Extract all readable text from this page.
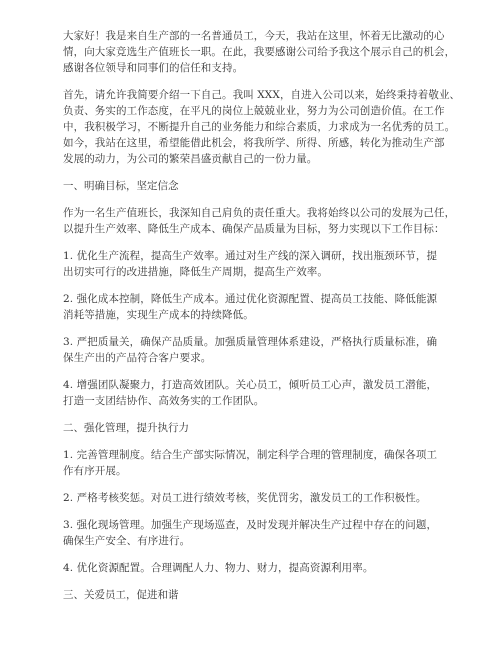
大家好！我是来自生产部的一名普通员工，今天，我站在这里，怀着无比激动的心
情，向大家竞选生产值班长一职。在此，我要感谢公司给予我这个展示自己的机会，
感谢各位领导和同事们的信任和支持。
首先，请允许我简要介绍一下自己。我叫 XXX，自进入公司以来，始终秉持着敬业、
负责、务实的工作态度，在平凡的岗位上兢兢业业，努力为公司创造价值。在工作
中，我积极学习，不断提升自己的业务能力和综合素质，力求成为一名优秀的员工。
如今，我站在这里，希望能借此机会，将我所学、所得、所感，转化为推动生产部
发展的动力，为公司的繁荣昌盛贡献自己的一份力量。
一、明确目标，坚定信念
作为一名生产值班长，我深知自己肩负的责任重大。我将始终以公司的发展为己任，
以提升生产效率、降低生产成本、确保产品质量为目标，努力实现以下工作目标：
1. 优化生产流程，提高生产效率。通过对生产线的深入调研，找出瓶颈环节，提
出切实可行的改进措施，降低生产周期，提高生产效率。
2. 强化成本控制，降低生产成本。通过优化资源配置、提高员工技能、降低能源
消耗等措施，实现生产成本的持续降低。
3. 严把质量关，确保产品质量。加强质量管理体系建设，严格执行质量标准，确
保生产出的产品符合客户要求。
4. 增强团队凝聚力，打造高效团队。关心员工，倾听员工心声，激发员工潜能，
打造一支团结协作、高效务实的工作团队。
二、强化管理，提升执行力
1. 完善管理制度。结合生产部实际情况，制定科学合理的管理制度，确保各项工
作有序开展。
2. 严格考核奖惩。对员工进行绩效考核，奖优罚劣，激发员工的工作积极性。
3. 强化现场管理。加强生产现场巡查，及时发现并解决生产过程中存在的问题，
确保生产安全、有序进行。
4. 优化资源配置。合理调配人力、物力、财力，提高资源利用率。
三、关爱员工，促进和谐
